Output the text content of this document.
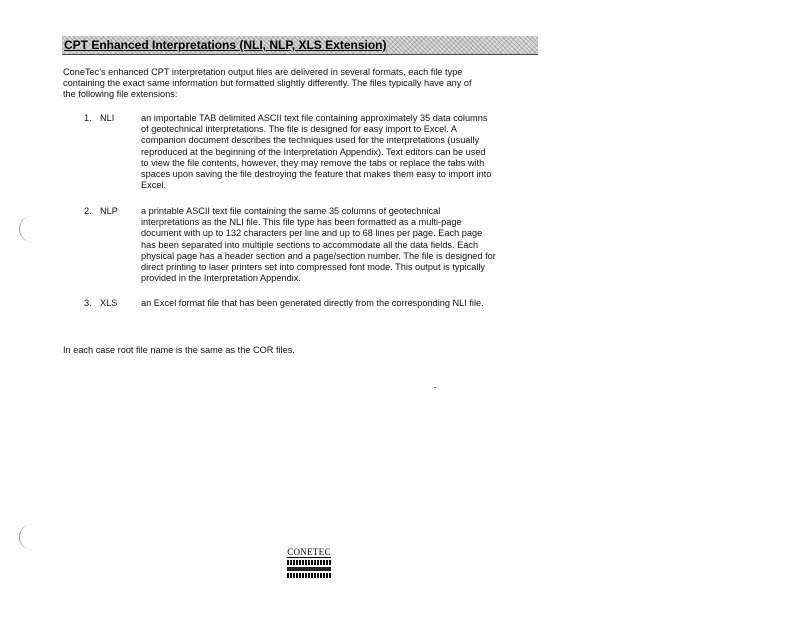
CPT Enhanced Interpretations (NLI, NLP, XLS Extension)
ConeTec's enhanced CPT interpretation output files are delivered in several formats, each file type
containing the exact same information but formatted slightly differently. The files typically have any of
the following file extensions:
1. NLI	an importable TAB delimited ASCII text file containing approximately 35 data columns
of geotechnical interpretations. The file is designed for easy import to Excel. A
companion document describes the techniques used for the interpretations (usually
reproduced at the beginning of the Interpretation Appendix). Text editors can be used
to view the file contents, however, they may remove the tabs or replace the tabs with
spaces upon saving the file destroying the feature that makes them easy to import into
Excel.
2. NLP	a printable ASCII text file containing the same 35 columns of geotechnical
interpretations as the NLI file. This file type has been formatted as a multi-page
document with up to 132 characters per line and up to 68 lines per page. Each page
has been separated into multiple sections to accommodate all the data fields. Each
physical page has a header section and a page/section number. The file is designed for
direct printing to laser printers set into compressed font mode. This output is typically
provided in the Interpretation Appendix.
3. XLS	an Excel format file that has been generated directly from the corresponding NLI file.
In each case root file name is the same as the COR files.
CONETEC
